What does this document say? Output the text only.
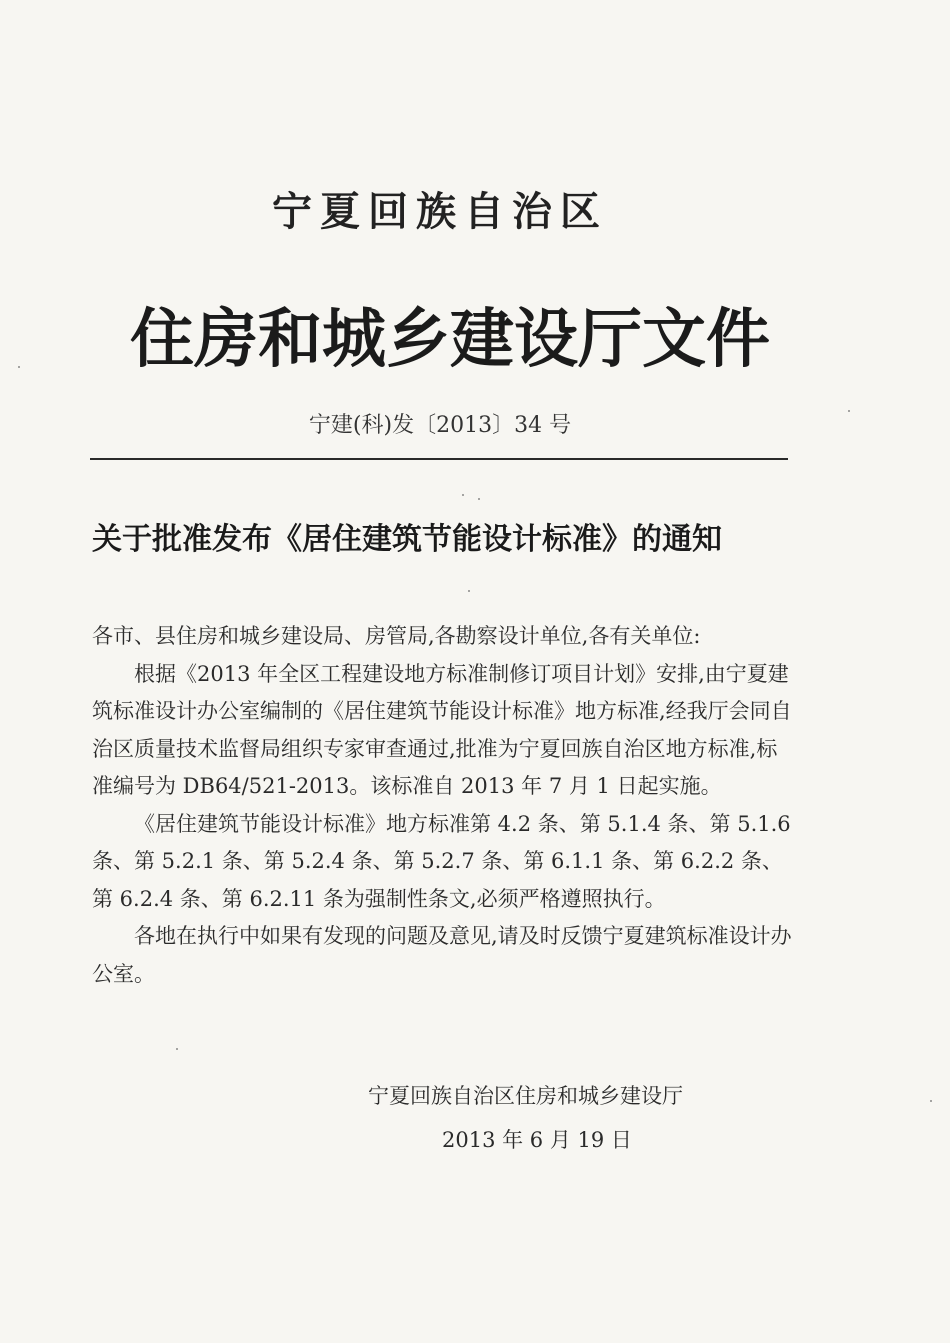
宁夏回族自治区
住房和城乡建设厅文件
宁建(科)发〔2013〕34 号
关于批准发布《居住建筑节能设计标准》的通知

各市、县住房和城乡建设局、房管局,各勘察设计单位,各有关单位:

根据《2013 年全区工程建设地方标准制修订项目计划》安排,由宁夏建筑标准设计办公室编制的《居住建筑节能设计标准》地方标准,经我厅会同自治区质量技术监督局组织专家审查通过,批准为宁夏回族自治区地方标准,标准编号为 DB64/521-2013。该标准自 2013 年 7 月 1 日起实施。

《居住建筑节能设计标准》地方标准第 4.2 条、第 5.1.4 条、第 5.1.6 条、第 5.2.1 条、第 5.2.4 条、第 5.2.7 条、第 6.1.1 条、第 6.2.2 条、第 6.2.4 条、第 6.2.11 条为强制性条文,必须严格遵照执行。

各地在执行中如果有发现的问题及意见,请及时反馈宁夏建筑标准设计办公室。

宁夏回族自治区住房和城乡建设厅
2013 年 6 月 19 日
